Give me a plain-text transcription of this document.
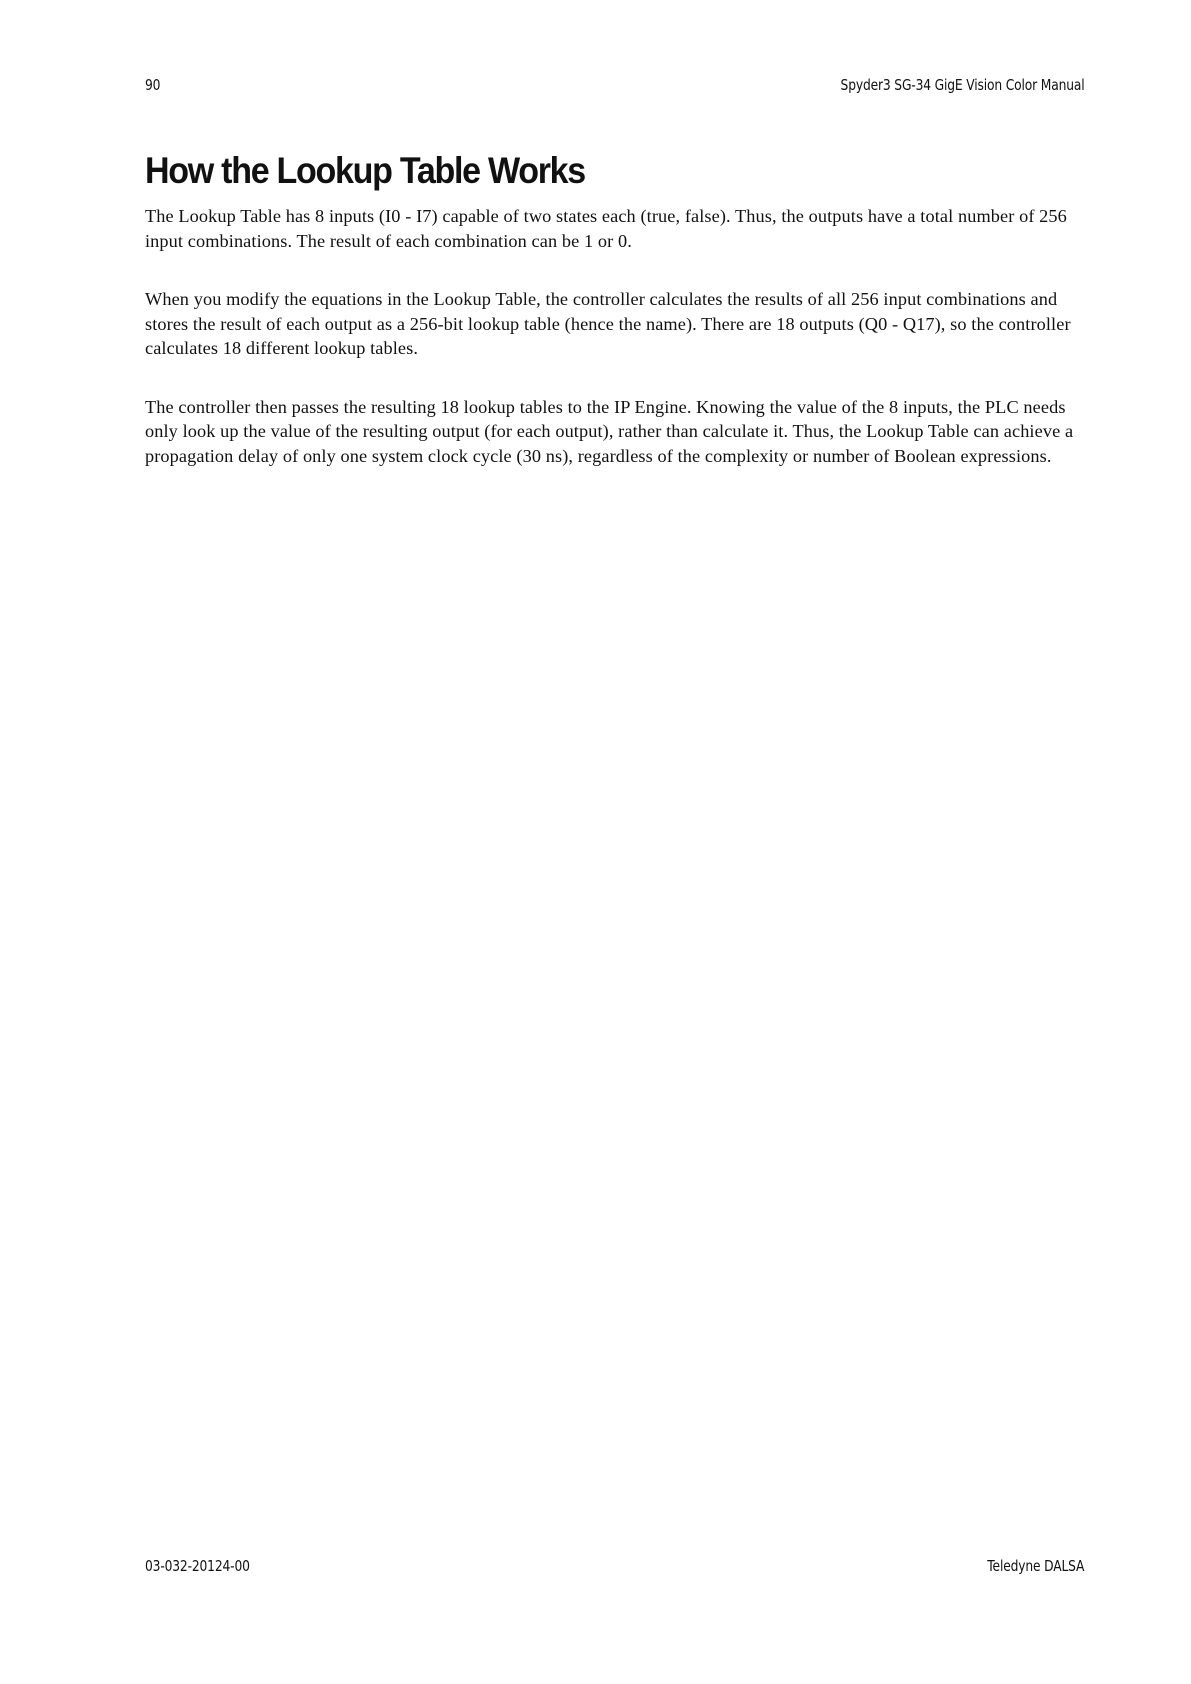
90	Spyder3 SG-34 GigE Vision Color Manual
How the Lookup Table Works

The Lookup Table has 8 inputs (I0 - I7) capable of two states each (true, false). Thus, the outputs have a total number of 256 input combinations. The result of each combination can be 1 or 0.

When you modify the equations in the Lookup Table, the controller calculates the results of all 256 input combinations and stores the result of each output as a 256-bit lookup table (hence the name). There are 18 outputs (Q0 - Q17), so the controller calculates 18 different lookup tables.

The controller then passes the resulting 18 lookup tables to the IP Engine. Knowing the value of the 8 inputs, the PLC needs only look up the value of the resulting output (for each output), rather than calculate it. Thus, the Lookup Table can achieve a propagation delay of only one system clock cycle (30 ns), regardless of the complexity or number of Boolean expressions.

03-032-20124-00	Teledyne DALSA
